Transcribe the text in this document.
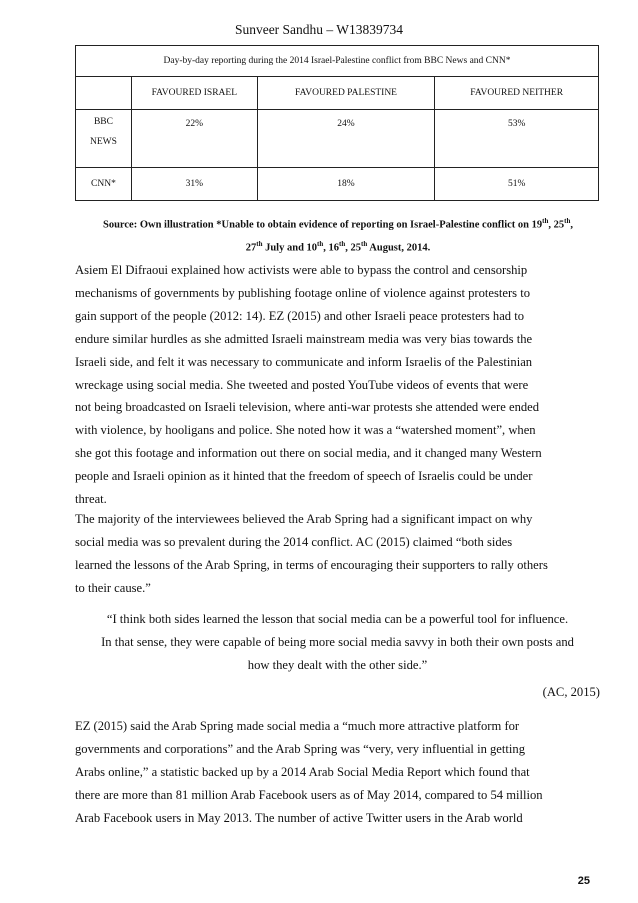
Sunveer Sandhu – W13839734
Day-by-day reporting during the 2014 Israel-Palestine conflict from BBC News and CNN*			
	FAVOURED ISRAEL	FAVOURED PALESTINE	FAVOURED NEITHER
BBC
NEWS	22%	24%	53%
CNN*	31%	18%	51%
Source: Own illustration *Unable to obtain evidence of reporting on Israel-Palestine conflict on 19th, 25th,
27th July and 10th, 16th, 25th August, 2014.
Asiem El Difraoui explained how activists were able to bypass the control and censorship
mechanisms of governments by publishing footage online of violence against protesters to
gain support of the people (2012: 14). EZ (2015) and other Israeli peace protesters had to
endure similar hurdles as she admitted Israeli mainstream media was very bias towards the
Israeli side, and felt it was necessary to communicate and inform Israelis of the Palestinian
wreckage using social media. She tweeted and posted YouTube videos of events that were
not being broadcasted on Israeli television, where anti-war protests she attended were ended
with violence, by hooligans and police. She noted how it was a “watershed moment”, when
she got this footage and information out there on social media, and it changed many Western
people and Israeli opinion as it hinted that the freedom of speech of Israelis could be under
threat.
The majority of the interviewees believed the Arab Spring had a significant impact on why
social media was so prevalent during the 2014 conflict. AC (2015) claimed “both sides
learned the lessons of the Arab Spring, in terms of encouraging their supporters to rally others
to their cause.”
“I think both sides learned the lesson that social media can be a powerful tool for influence.
In that sense, they were capable of being more social media savvy in both their own posts and
how they dealt with the other side.”
(AC, 2015)
EZ (2015) said the Arab Spring made social media a “much more attractive platform for
governments and corporations” and the Arab Spring was “very, very influential in getting
Arabs online,” a statistic backed up by a 2014 Arab Social Media Report which found that
there are more than 81 million Arab Facebook users as of May 2014, compared to 54 million
Arab Facebook users in May 2013. The number of active Twitter users in the Arab world
25
